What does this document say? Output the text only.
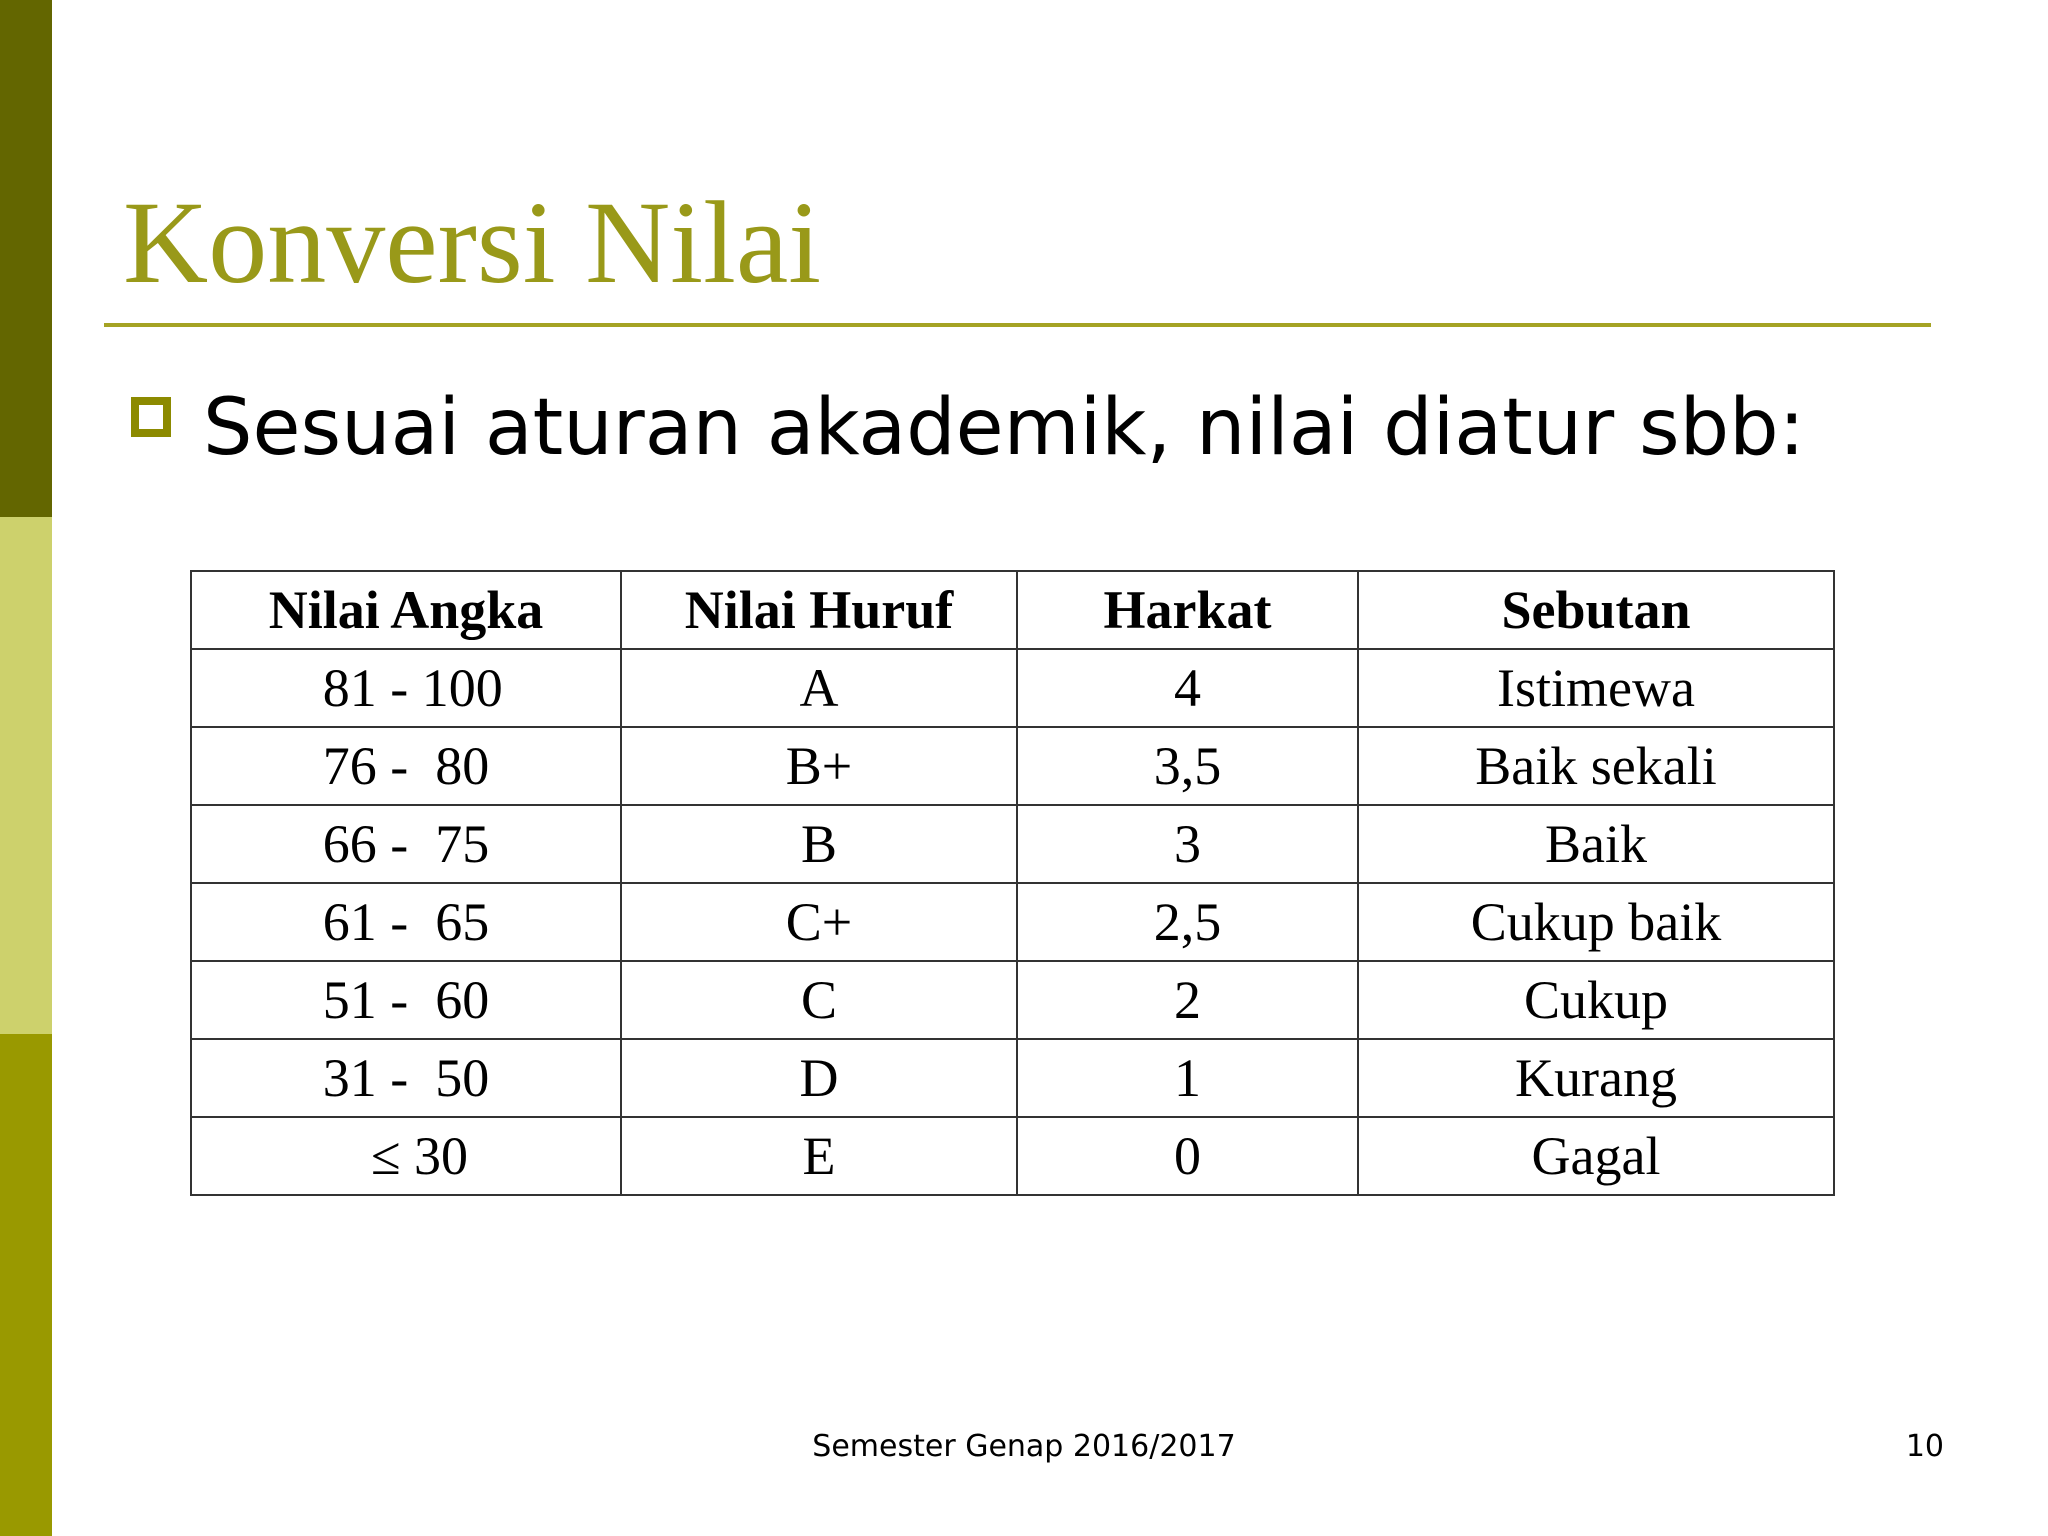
Konversi Nilai
Sesuai aturan akademik, nilai diatur sbb:
Nilai Angka	Nilai Huruf	Harkat	Sebutan
81 - 100	A	4	Istimewa
76 -  80	B+	3,5	Baik sekali
66 -  75	B	3	Baik
61 -  65	C+	2,5	Cukup baik
51 -  60	C	2	Cukup
31 -  50	D	1	Kurang
≤ 30	E	0	Gagal
Semester Genap 2016/2017	10
